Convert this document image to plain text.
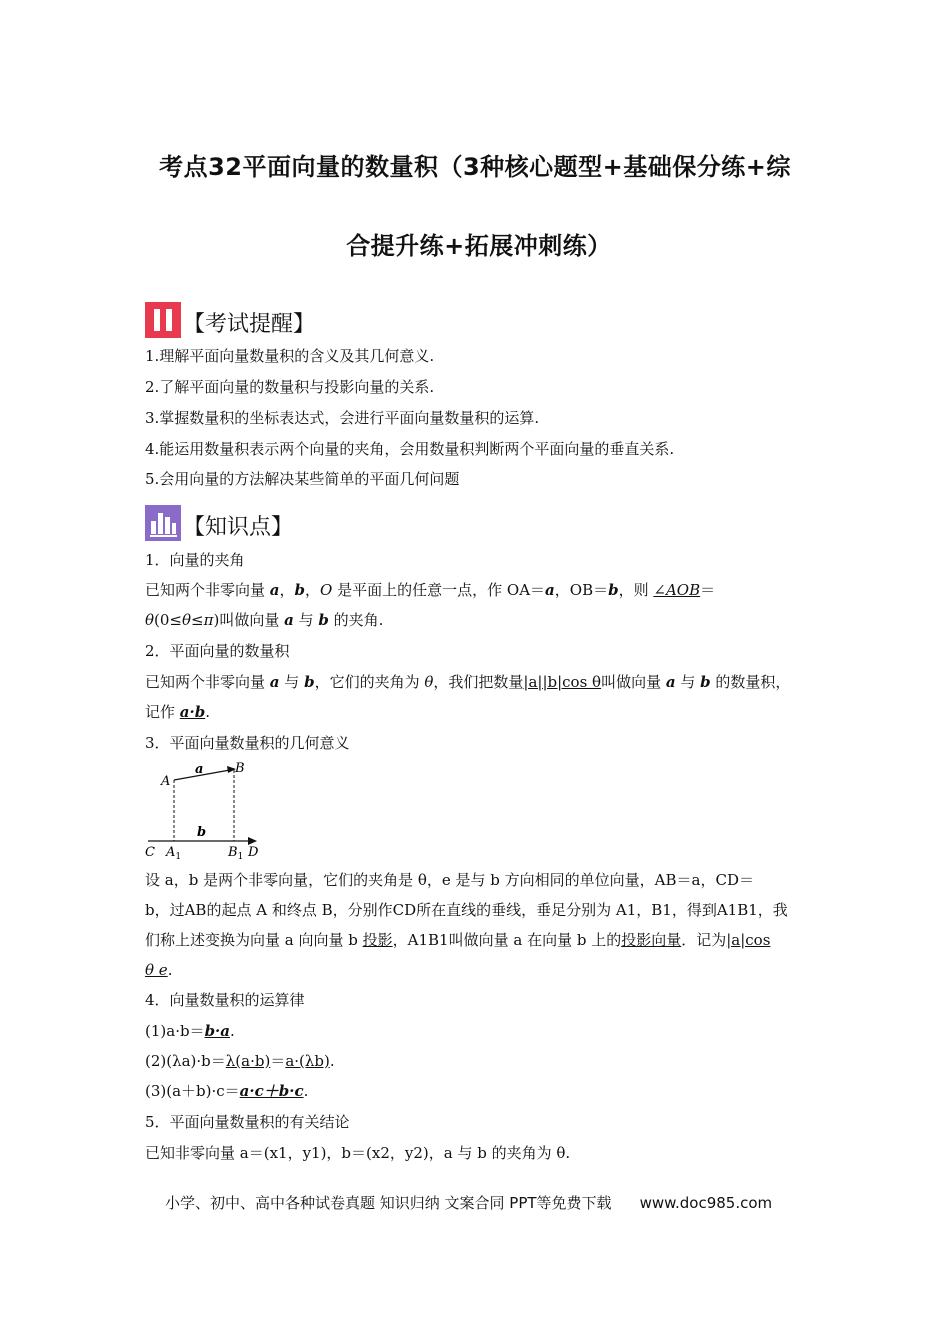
考点32平面向量的数量积（3种核心题型+基础保分练+综
合提升练+拓展冲刺练）
【考试提醒】
1.理解平面向量数量积的含义及其几何意义.
2.了解平面向量的数量积与投影向量的关系.
3.掌握数量积的坐标表达式，会进行平面向量数量积的运算.
4.能运用数量积表示两个向量的夹角，会用数量积判断两个平面向量的垂直关系.
5.会用向量的方法解决某些简单的平面几何问题
【知识点】
1．向量的夹角
已知两个非零向量 a，b，O 是平面上的任意一点，作 OA＝a，OB＝b，则 ∠AOB＝
θ(0≤θ≤π)叫做向量 a 与 b 的夹角.
2．平面向量的数量积
已知两个非零向量 a 与 b，它们的夹角为 θ，我们把数量|a||b|cos θ叫做向量 a 与 b 的数量积，
记作 a·b.
3．平面向量数量积的几何意义
A
B
a
b
C $A_1$	$B_1$ D
设 a，b 是两个非零向量，它们的夹角是 θ，e 是与 b 方向相同的单位向量，AB＝a，CD＝
b，过AB的起点 A 和终点 B，分别作CD所在直线的垂线，垂足分别为 A1，B1，得到A1B1，我
们称上述变换为向量 a 向向量 b 投影，A1B1叫做向量 a 在向量 b 上的投影向量．记为|a|cos
θ e.
4．向量数量积的运算律
(1)a·b＝b·a.
(2)(λa)·b＝λ(a·b)＝a·(λb).
(3)(a＋b)·c＝a·c＋b·c.
5．平面向量数量积的有关结论
已知非零向量 a＝(x1，y1)，b＝(x2，y2)，a 与 b 的夹角为 θ.
小学、初中、高中各种试卷真题 知识归纳 文案合同 PPT等免费下载 www.doc985.com
